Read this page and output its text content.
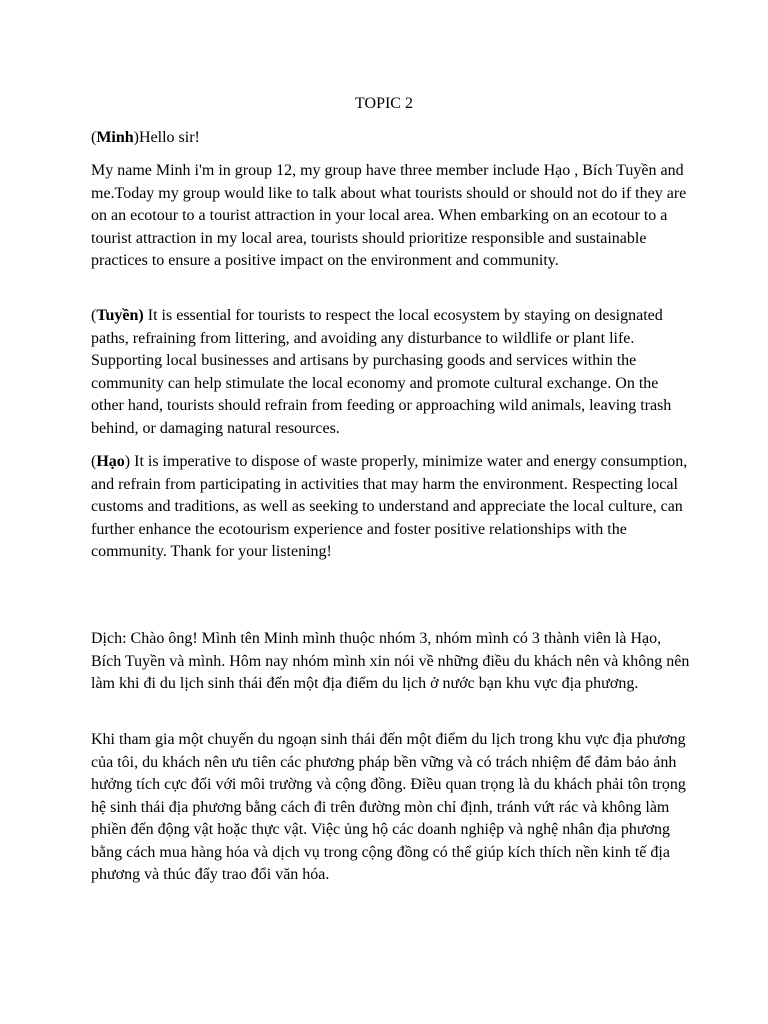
TOPIC 2

(Minh)Hello sir!

My name Minh i'm in group 12, my group have three member include Hạo , Bích Tuyền and me.Today my group would like to talk about what tourists should or should not do if they are on an ecotour to a tourist attraction in your local area. When embarking on an ecotour to a tourist attraction in my local area, tourists should prioritize responsible and sustainable practices to ensure a positive impact on the environment and community.

(Tuyền) It is essential for tourists to respect the local ecosystem by staying on designated paths, refraining from littering, and avoiding any disturbance to wildlife or plant life. Supporting local businesses and artisans by purchasing goods and services within the community can help stimulate the local economy and promote cultural exchange. On the other hand, tourists should refrain from feeding or approaching wild animals, leaving trash behind, or damaging natural resources.

(Hạo) It is imperative to dispose of waste properly, minimize water and energy consumption, and refrain from participating in activities that may harm the environment. Respecting local customs and traditions, as well as seeking to understand and appreciate the local culture, can further enhance the ecotourism experience and foster positive relationships with the community. Thank for your listening!

Dịch: Chào ông! Mình tên Minh mình thuộc nhóm 3, nhóm mình có 3 thành viên là Hạo, Bích Tuyền và mình. Hôm nay nhóm mình xin nói về những điều du khách nên và không nên làm khi đi du lịch sinh thái đến một địa điểm du lịch ở nước bạn khu vực địa phương.

Khi tham gia một chuyến du ngoạn sinh thái đến một điểm du lịch trong khu vực địa phương của tôi, du khách nên ưu tiên các phương pháp bền vững và có trách nhiệm để đảm bảo ảnh hưởng tích cực đối với môi trường và cộng đồng. Điều quan trọng là du khách phải tôn trọng hệ sinh thái địa phương bằng cách đi trên đường mòn chỉ định, tránh vứt rác và không làm phiền đến động vật hoặc thực vật. Việc ủng hộ các doanh nghiệp và nghệ nhân địa phương bằng cách mua hàng hóa và dịch vụ trong cộng đồng có thể giúp kích thích nền kinh tế địa phương và thúc đẩy trao đổi văn hóa.
